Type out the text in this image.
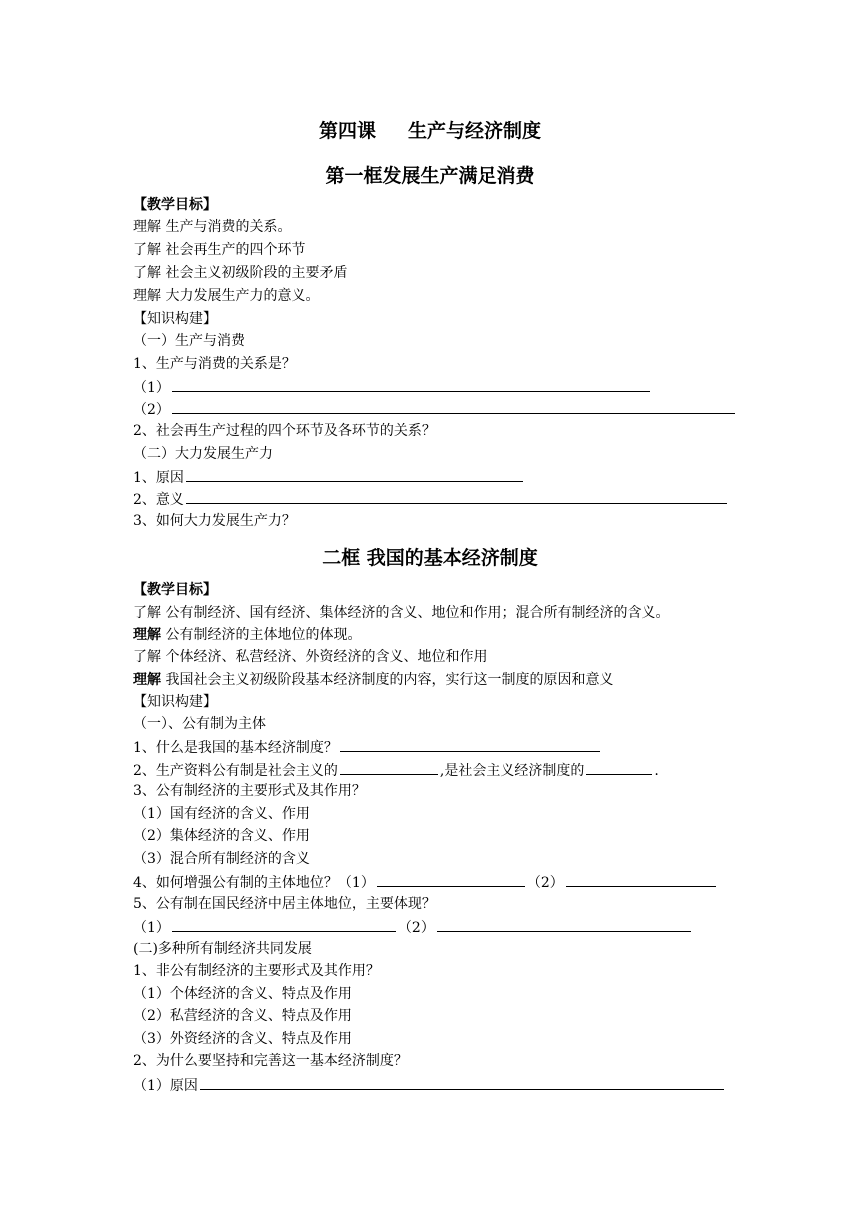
第四课 生产与经济制度
第一框发展生产满足消费
【教学目标】
理解 生产与消费的关系。
了解 社会再生产的四个环节
了解 社会主义初级阶段的主要矛盾
理解 大力发展生产力的意义。
【知识构建】
（一）生产与消费
1、生产与消费的关系是？
（1）
（2）
2、社会再生产过程的四个环节及各环节的关系？
（二）大力发展生产力
1、原因
2、意义
3、如何大力发展生产力？
二框 我国的基本经济制度
【教学目标】
了解 公有制经济、国有经济、集体经济的含义、地位和作用；混合所有制经济的含义。
理解 公有制经济的主体地位的体现。
了解 个体经济、私营经济、外资经济的含义、地位和作用
理解 我国社会主义初级阶段基本经济制度的内容，实行这一制度的原因和意义
【知识构建】
（一）、公有制为主体
1、什么是我国的基本经济制度？
2、生产资料公有制是社会主义的	,是社会主义经济制度的	.
3、公有制经济的主要形式及其作用？
（1）国有经济的含义、作用
（2）集体经济的含义、作用
（3）混合所有制经济的含义
4、如何增强公有制的主体地位？（1）	（2）
5、公有制在国民经济中居主体地位，主要体现？
（1）	（2）
(二)多种所有制经济共同发展
1、非公有制经济的主要形式及其作用？
（1）个体经济的含义、特点及作用
（2）私营经济的含义、特点及作用
（3）外资经济的含义、特点及作用
2、为什么要坚持和完善这一基本经济制度？
（1）原因
